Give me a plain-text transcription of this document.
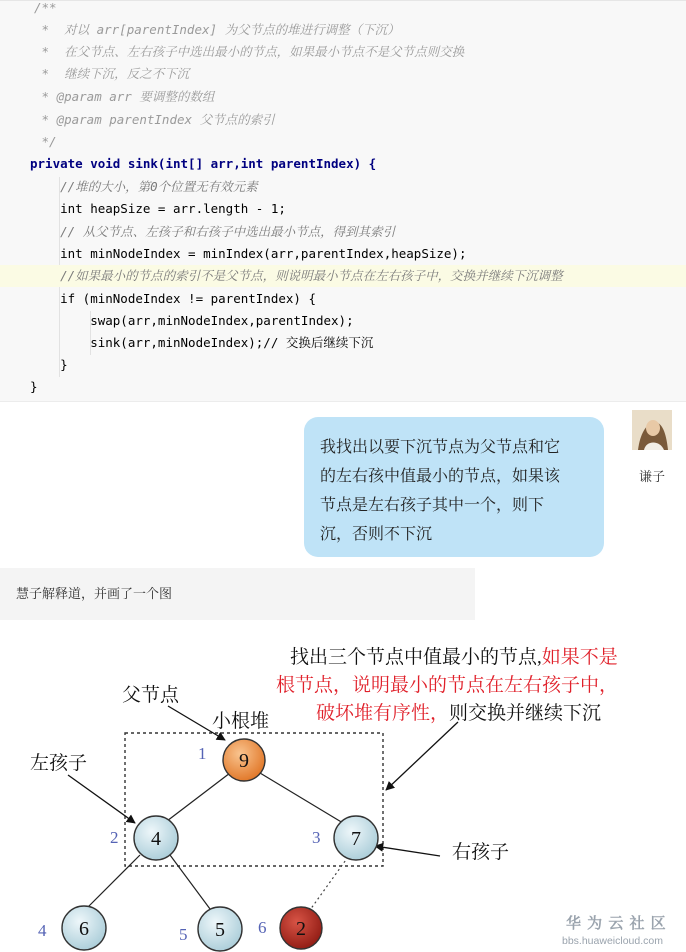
/**
*  对以 arr[parentIndex] 为父节点的堆进行调整（下沉）
*  在父节点、左右孩子中选出最小的节点，如果最小节点不是父节点则交换
*  继续下沉，反之不下沉
* @param arr 要调整的数组
* @param parentIndex 父节点的索引
*/
private void sink(int[] arr,int parentIndex) {
//堆的大小，第0个位置无有效元素
int heapSize = arr.length - 1;
// 从父节点、左孩子和右孩子中选出最小节点，得到其索引
int minNodeIndex = minIndex(arr,parentIndex,heapSize);
//如果最小的节点的索引不是父节点，则说明最小节点在左右孩子中，交换并继续下沉调整
if (minNodeIndex != parentIndex) {
swap(arr,minNodeIndex,parentIndex);
sink(arr,minNodeIndex);// 交换后继续下沉
}
}
我找出以要下沉节点为父节点和它
的左右孩中值最小的节点，如果该
节点是左右孩子其中一个，则下
沉，否则不下沉
谦子
慧子解释道，并画了一个图
找出三个节点中值最小的节点,如果不是
根节点，说明最小的节点在左右孩子中，
破坏堆有序性，则交换并继续下沉
父节点
小根堆
左孩子
右孩子
9
1
4
2	7
3
6
4	5
5	2
6	华 为 云 社 区
bbs.huaweicloud.com
